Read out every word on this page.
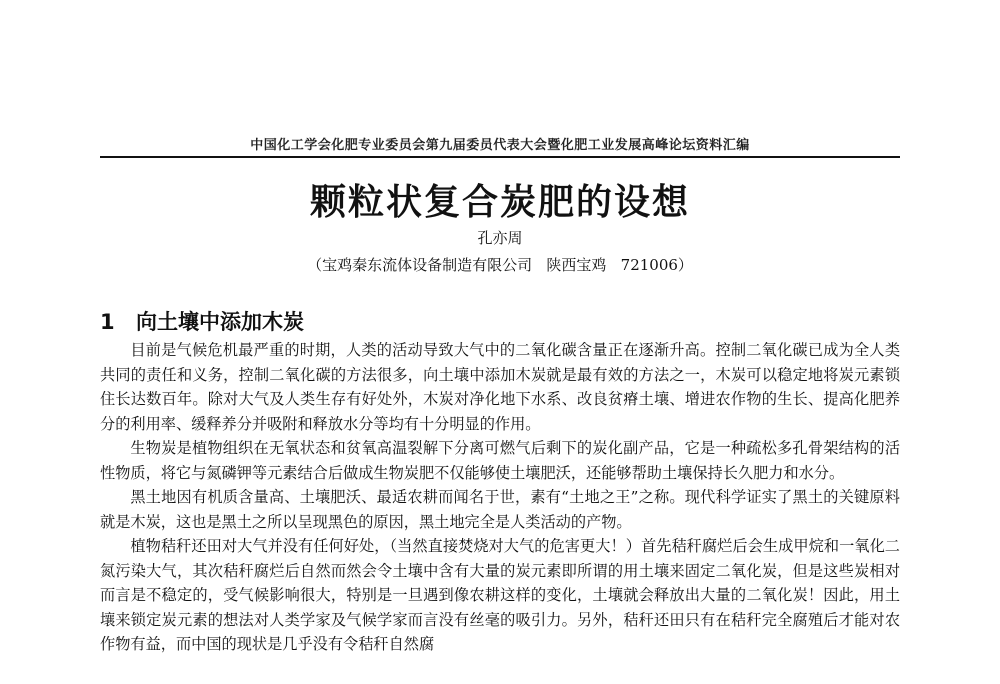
中国化工学会化肥专业委员会第九届委员代表大会暨化肥工业发展高峰论坛资料汇编
颗粒状复合炭肥的设想
孔亦周
（宝鸡秦东流体设备制造有限公司   陕西宝鸡   721006）
1 向土壤中添加木炭

目前是气候危机最严重的时期，人类的活动导致大气中的二氧化碳含量正在逐渐升高。控制二氧化碳已成为全人类共同的责任和义务，控制二氧化碳的方法很多，向土壤中添加木炭就是最有效的方法之一，木炭可以稳定地将炭元素锁住长达数百年。除对大气及人类生存有好处外，木炭对净化地下水系、改良贫瘠土壤、增进农作物的生长、提高化肥养分的利用率、缓释养分并吸附和释放水分等均有十分明显的作用。

生物炭是植物组织在无氧状态和贫氧高温裂解下分离可燃气后剩下的炭化副产品，它是一种疏松多孔骨架结构的活性物质，将它与氮磷钾等元素结合后做成生物炭肥不仅能够使土壤肥沃，还能够帮助土壤保持长久肥力和水分。

黑土地因有机质含量高、土壤肥沃、最适农耕而闻名于世，素有“土地之王”之称。现代科学证实了黑土的关键原料就是木炭，这也是黑土之所以呈现黑色的原因，黑土地完全是人类活动的产物。

植物秸秆还田对大气并没有任何好处，（当然直接焚烧对大气的危害更大！）首先秸秆腐烂后会生成甲烷和一氧化二氮污染大气，其次秸秆腐烂后自然而然会令土壤中含有大量的炭元素即所谓的用土壤来固定二氧化炭，但是这些炭相对而言是不稳定的，受气候影响很大，特别是一旦遇到像农耕这样的变化，土壤就会释放出大量的二氧化炭！因此，用土壤来锁定炭元素的想法对人类学家及气候学家而言没有丝毫的吸引力。另外，秸秆还田只有在秸秆完全腐殖后才能对农作物有益，而中国的现状是几乎没有令秸秆自然腐
